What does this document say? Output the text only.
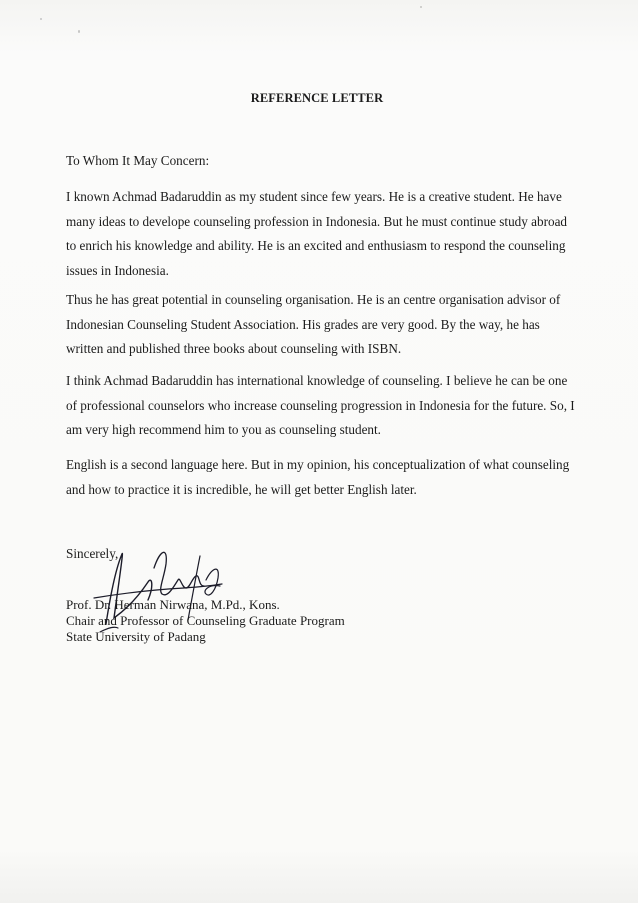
REFERENCE LETTER
To Whom It May Concern:

I known Achmad Badaruddin as my student since few years. He is a creative student. He have many ideas to develope counseling profession in Indonesia. But he must continue study abroad to enrich his knowledge and ability. He is an excited and enthusiasm to respond the counseling issues in Indonesia.

Thus he has great potential in counseling organisation. He is an centre organisation advisor of Indonesian Counseling Student Association. His grades are very good. By the way, he has written and published three books about counseling with ISBN.

I think Achmad Badaruddin has international knowledge of counseling. I believe he can be one of professional counselors who increase counseling progression in Indonesia for the future. So, I am very high recommend him to you as counseling student.

English is a second language here. But in my opinion, his conceptualization of what counseling and how to practice it is incredible, he will get better English later.

Sincerely,
Prof. Dr. Herman Nirwana, M.Pd., Kons.
Chair and Professor of Counseling Graduate Program
State University of Padang
